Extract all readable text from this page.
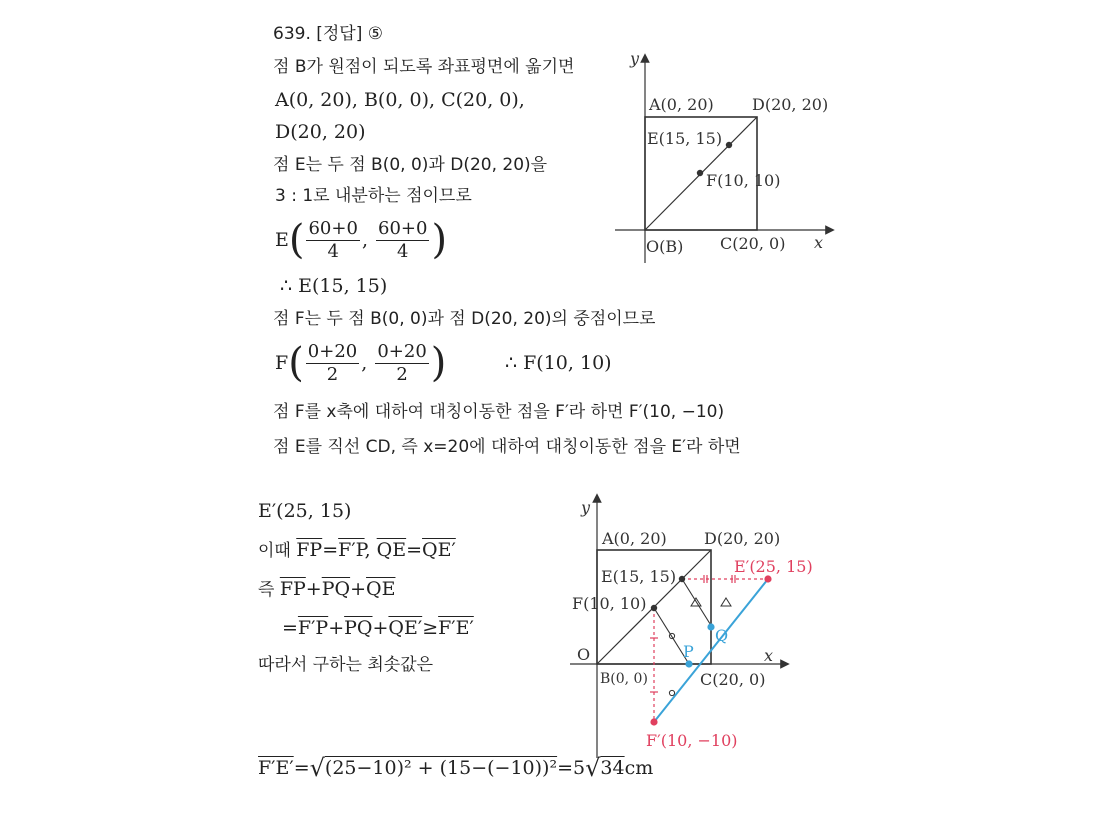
639. [정답] ⑤
점 B가 원점이 되도록 좌표평면에 옮기면
A(0, 20), B(0, 0), C(20, 0),
D(20, 20)
점 E는 두 점 B(0, 0)과 D(20, 20)을
3 : 1로 내분하는 점이므로
E ( $\frac{60+0}{4}$ , $\frac{60+0}{4}$ )
∴ E(15, 15)
점 F는 두 점 B(0, 0)과 점 D(20, 20)의 중점이므로
F ( $\frac{0+20}{2}$ , $\frac{0+20}{2}$ )	∴ F(10, 10)
점 F를 x축에 대하여 대칭이동한 점을 F′라 하면 F′(10, −10)
점 E를 직선 CD, 즉 x=20에 대하여 대칭이동한 점을 E′라 하면
E′(25, 15)
이때 $\overline{FP}=F'P$, $\overline{QE}=QE'$
즉 $\overline{FP}+\overline{PQ}+\overline{QE}$
$=F'P+\overline{PQ}+QE'\ge F'E'$
따라서 구하는 최솟값은
F′E′ = √ (25−10)² + (15−(−10))² =5 √ 34 cm
y
x
A(0, 20) D(20, 20)
E(15, 15)
F(10, 10)
O(B) C(20, 0)
y
x
A(0, 20) D(20, 20)
E(15, 15)
E′(25, 15)
F(10, 10)
O
B(0, 0)	C(20, 0)
P
Q
F′(10, −10)
